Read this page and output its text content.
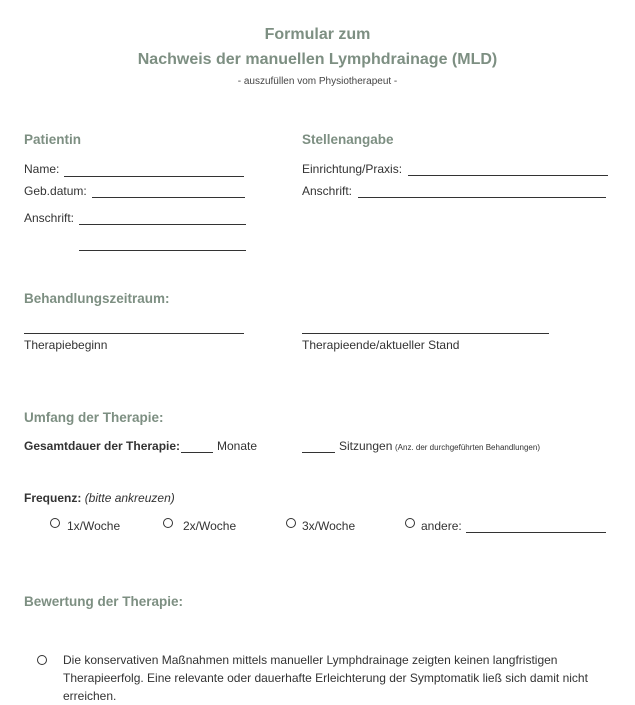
Formular zum
Nachweis der manuellen Lymphdrainage (MLD)
- auszufüllen vom Physiotherapeut -
Patientin
Name:
Geb.datum:
Anschrift:
Stellenangabe
Einrichtung/Praxis:
Anschrift:
Behandlungszeitraum:
Therapiebeginn	Therapieende/aktueller Stand
Umfang der Therapie:
Gesamtdauer der Therapie:	Monate	Sitzungen (Anz. der durchgeführten Behandlungen)
Frequenz: (bitte ankreuzen)
1x/Woche	2x/Woche	3x/Woche	andere:
Bewertung der Therapie:
Die konservativen Maßnahmen mittels manueller Lymphdrainage zeigten keinen langfristigen Therapieerfolg. Eine relevante oder dauerhafte Erleichterung der Symptomatik ließ sich damit nicht erreichen.
